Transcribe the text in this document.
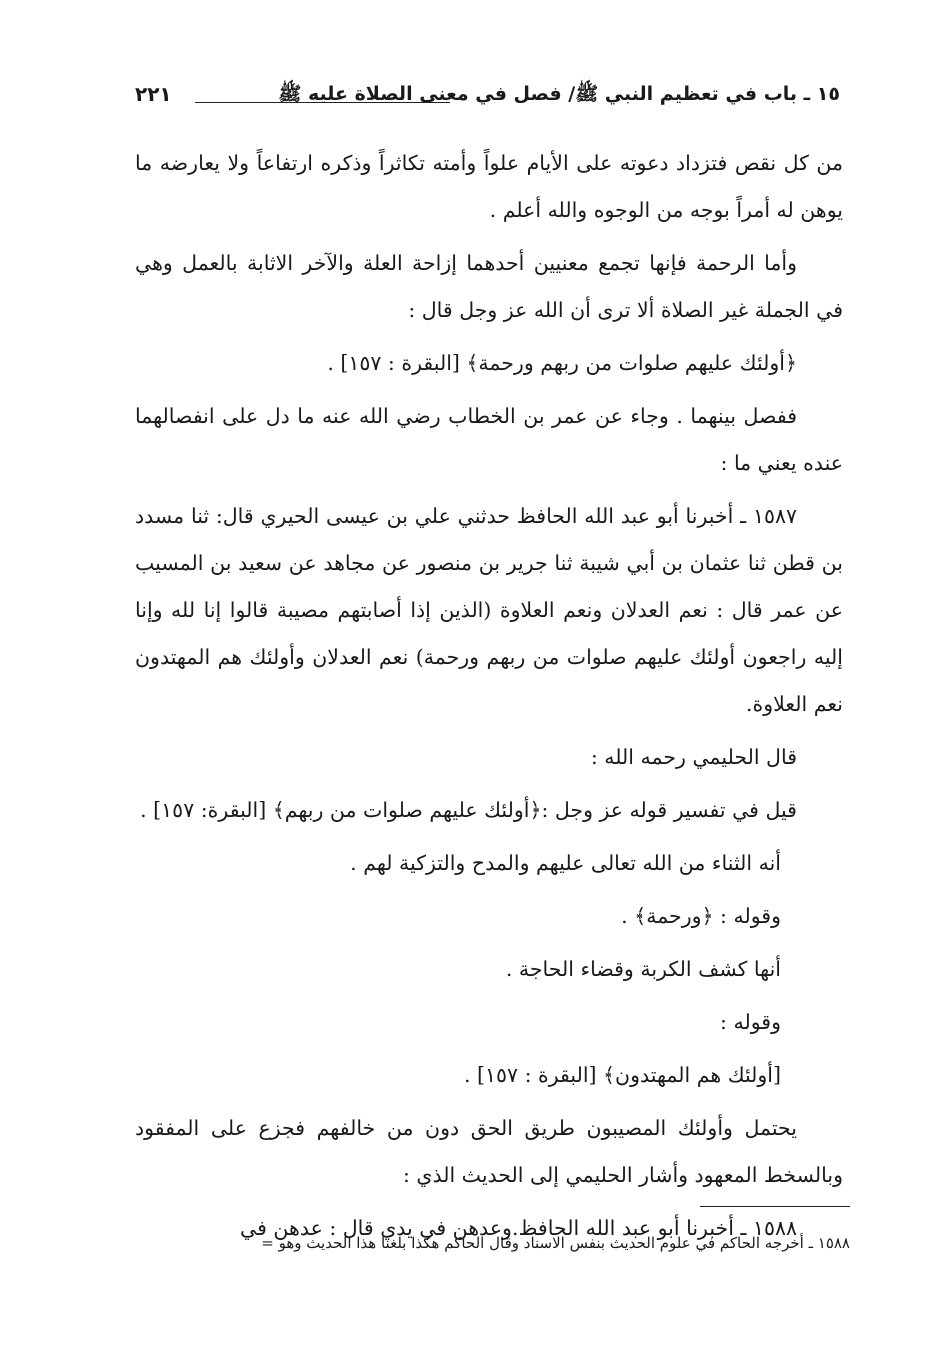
١٥ ـ باب في تعظيم النبي ﷺ/ فصل في معنى الصلاة عليه ﷺ
٢٢١

من كل نقص فتزداد دعوته على الأيام علواً وأمته تكاثراً وذكره ارتفاعاً ولا يعارضه ما يوهن له أمراً بوجه من الوجوه والله أعلم .

وأما الرحمة فإنها تجمع معنيين أحدهما إزاحة العلة والآخر الاثابة بالعمل وهي في الجملة غير الصلاة ألا ترى أن الله عز وجل قال :

﴿أولئك عليهم صلوات من ربهم ورحمة﴾ [البقرة : ١٥٧] .

ففصل بينهما . وجاء عن عمر بن الخطاب رضي الله عنه ما دل على انفصالهما عنده يعني ما :

١٥٨٧ ـ أخبرنا أبو عبد الله الحافظ حدثني علي بن عيسى الحيري قال: ثنا مسدد بن قطن ثنا عثمان بن أبي شيبة ثنا جرير بن منصور عن مجاهد عن سعيد بن المسيب عن عمر قال : نعم العدلان ونعم العلاوة (الذين إذا أصابتهم مصيبة قالوا إنا لله وإنا إليه راجعون أولئك عليهم صلوات من ربهم ورحمة) نعم العدلان وأولئك هم المهتدون نعم العلاوة.

قال الحليمي رحمه الله :

قيل في تفسير قوله عز وجل :﴿أولئك عليهم صلوات من ربهم﴾ [البقرة: ١٥٧] .

أنه الثناء من الله تعالى عليهم والمدح والتزكية لهم .

وقوله : ﴿ورحمة﴾ .

أنها كشف الكربة وقضاء الحاجة .

وقوله :

[أولئك هم المهتدون﴾ [البقرة : ١٥٧] .

يحتمل وأولئك المصيبون طريق الحق دون من خالفهم فجزع على المفقود وبالسخط المعهود وأشار الحليمي إلى الحديث الذي :

١٥٨٨ ـ أخبرنا أبو عبد الله الحافظ.وعدهن في يدي قال : عدهن في

١٥٨٨ ـ أخرجه الحاكم في علوم الحديث بنفس الاسناد وقال الحاكم هكذا بلغنا هذا الحديث وهو =
